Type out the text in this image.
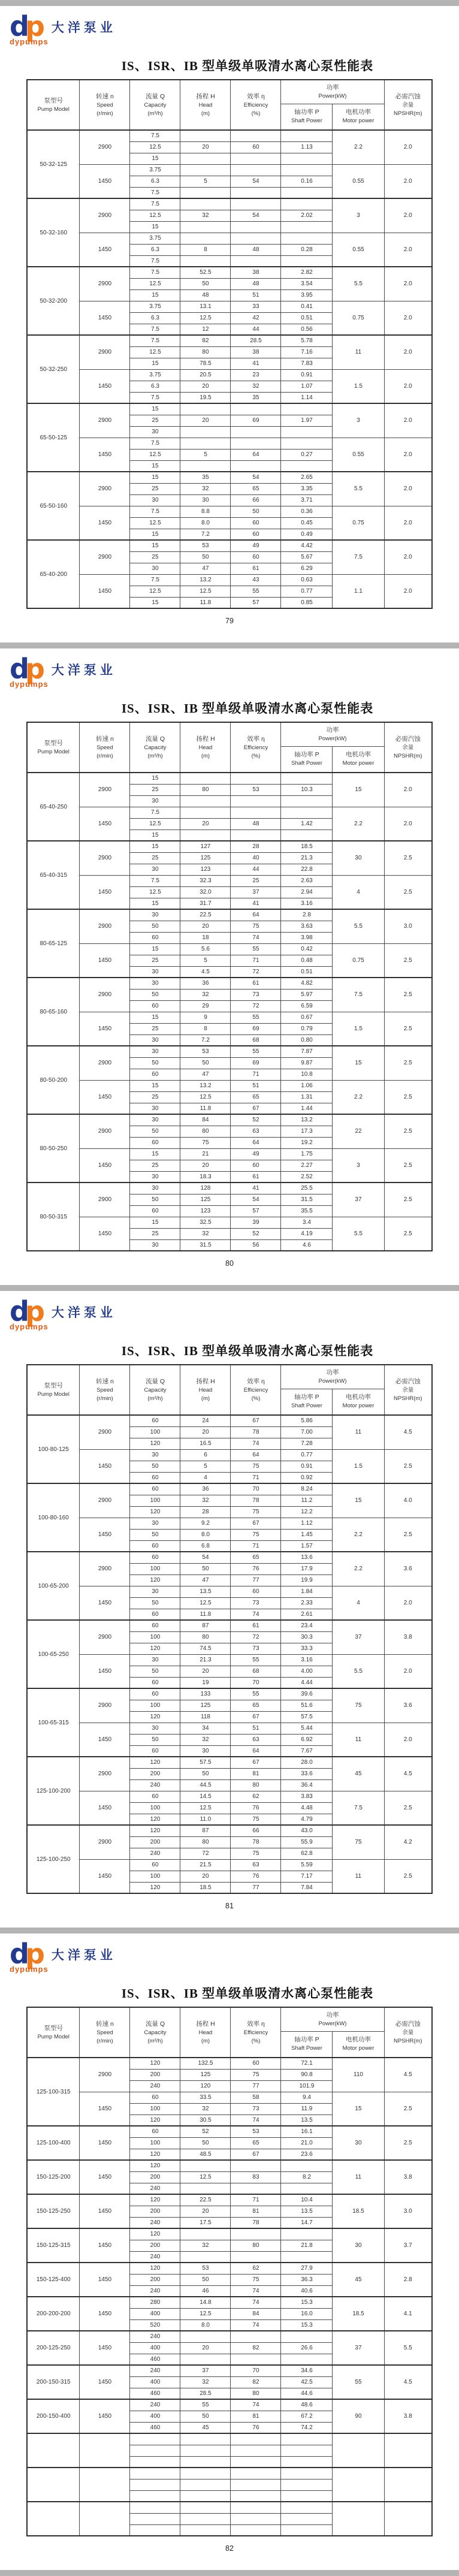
dp 大洋泵业
dypumps
IS、ISR、IB 型单级单吸清水离心泵性能表
泵型号
Pump Model	转速 n
Speed
(r/min)	流量 Q
Capacity
(m³/h)	扬程 H
Head
(m)	效率 η
Efficiency
(%)	功率
Power(kW)		必需汽蚀
余量
NPSHR(m)

					轴功率 P
Shaft Power	电机功率
Motor power	

50-32-125	2900	7.5				2.2	2.0
		12.5	20	60	1.13		
		15					
	1450	3.75				0.55	2.0
		6.3	5	54	0.16		
		7.5					
50-32-160	2900	7.5				3	2.0
		12.5	32	54	2.02		
		15					
	1450	3.75				0.55	2.0
		6.3	8	48	0.28		
		7.5					
50-32-200	2900	7.5	52.5	38	2.82	5.5	2.0
		12.5	50	48	3.54		
		15	48	51	3.95		
	1450	3.75	13.1	33	0.41	0.75	2.0
		6.3	12.5	42	0.51		
		7.5	12	44	0.56		
50-32-250	2900	7.5	82	28.5	5.78	11	2.0
		12.5	80	38	7.16		
		15	78.5	41	7.83		
	1450	3.75	20.5	23	0.91	1.5	2.0
		6.3	20	32	1.07		
		7.5	19.5	35	1.14		
65-50-125	2900	15				3	2.0
		25	20	69	1.97		
		30					
	1450	7.5				0.55	2.0
		12.5	5	64	0.27		
		15					
65-50-160	2900	15	35	54	2.65	5.5	2.0
		25	32	65	3.35		
		30	30	66	3.71		
	1450	7.5	8.8	50	0.36	0.75	2.0
		12.5	8.0	60	0.45		
		15	7.2	60	0.49		
65-40-200	2900	15	53	49	4.42	7.5	2.0
		25	50	60	5.67		
		30	47	61	6.29		
	1450	7.5	13.2	43	0.63	1.1	2.0
		12.5	12.5	55	0.77		
		15	11.8	57	0.85		
79
dp 大洋泵业
dypumps
IS、ISR、IB 型单级单吸清水离心泵性能表
泵型号
Pump Model	转速 n
Speed
(r/min)	流量 Q
Capacity
(m³/h)	扬程 H
Head
(m)	效率 η
Efficiency
(%)	功率
Power(kW)		必需汽蚀
余量
NPSHR(m)

					轴功率 P
Shaft Power	电机功率
Motor power	

65-40-250	2900	15				15	2.0
		25	80	53	10.3		
		30					
	1450	7.5				2.2	2.0
		12.5	20	48	1.42		
		15					
65-40-315	2900	15	127	28	18.5	30	2.5
		25	125	40	21.3		
		30	123	44	22.8		
	1450	7.5	32.3	25	2.63	4	2.5
		12.5	32.0	37	2.94		
		15	31.7	41	3.16		
80-65-125	2900	30	22.5	64	2.8	5.5	3.0
		50	20	75	3.63		
		60	18	74	3.98		
	1450	15	5.6	55	0.42	0.75	2.5
		25	5	71	0.48		
		30	4.5	72	0.51		
80-65-160	2900	30	36	61	4.82	7.5	2.5
		50	32	73	5.97		
		60	29	72	6.59		
	1450	15	9	55	0.67	1.5	2.5
		25	8	69	0.79		
		30	7.2	68	0.80		
80-50-200	2900	30	53	55	7.87	15	2.5
		50	50	69	9.87		
		60	47	71	10.8		
	1450	15	13.2	51	1.06	2.2	2.5
		25	12.5	65	1.31		
		30	11.8	67	1.44		
80-50-250	2900	30	84	52	13.2	22	2.5
		50	80	63	17.3		
		60	75	64	19.2		
	1450	15	21	49	1.75	3	2.5
		25	20	60	2.27		
		30	18.3	61	2.52		
80-50-315	2900	30	128	41	25.5	37	2.5
		50	125	54	31.5		
		60	123	57	35.5		
	1450	15	32.5	39	3.4	5.5	2.5
		25	32	52	4.19		
		30	31.5	56	4.6		
80
dp 大洋泵业
dypumps
IS、ISR、IB 型单级单吸清水离心泵性能表
泵型号
Pump Model	转速 n
Speed
(r/min)	流量 Q
Capacity
(m³/h)	扬程 H
Head
(m)	效率 η
Efficiency
(%)	功率
Power(kW)		必需汽蚀
余量
NPSHR(m)

					轴功率 P
Shaft Power	电机功率
Motor power	

100-80-125	2900	60	24	67	5.86	11	4.5
		100	20	78	7.00		
		120	16.5	74	7.28		
	1450	30	6	64	0.77	1.5	2.5
		50	5	75	0.91		
		60	4	71	0.92		
100-80-160	2900	60	36	70	8.24	15	4.0
		100	32	78	11.2		
		120	28	75	12.2		
	1450	30	9.2	67	1.12	2.2	2.5
		50	8.0	75	1.45		
		60	6.8	71	1.57		
100-65-200	2900	60	54	65	13.6	2.2	3.6
		100	50	76	17.9		
		120	47	77	19.9		
	1450	30	13.5	60	1.84	4	2.0
		50	12.5	73	2.33		
		60	11.8	74	2.61		
100-65-250	2900	60	87	61	23.4	37	3.8
		100	80	72	30.3		
		120	74.5	73	33.3		
	1450	30	21.3	55	3.16	5.5	2.0
		50	20	68	4.00		
		60	19	70	4.44		
100-65-315	2900	60	133	55	39.6	75	3.6
		100	125	65	51.6		
		120	118	67	57.5		
	1450	30	34	51	5.44	11	2.0
		50	32	63	6.92		
		60	30	64	7.67		
125-100-200	2900	120	57.5	67	28.0	45	4.5
		200	50	81	33.6		
		240	44.5	80	36.4		
	1450	60	14.5	62	3.83	7.5	2.5
		100	12.5	76	4.48		
		120	11.0	75	4.79		
125-100-250	2900	120	87	66	43.0	75	4.2
		200	80	78	55.9		
		240	72	75	62.8		
	1450	60	21.5	63	5.59	11	2.5
		100	20	76	7.17		
		120	18.5	77	7.84		
81
dp 大洋泵业
dypumps
IS、ISR、IB 型单级单吸清水离心泵性能表
泵型号
Pump Model	转速 n
Speed
(r/min)	流量 Q
Capacity
(m³/h)	扬程 H
Head
(m)	效率 η
Efficiency
(%)	功率
Power(kW)		必需汽蚀
余量
NPSHR(m)

					轴功率 P
Shaft Power	电机功率
Motor power	

125-100-315	2900	120	132.5	60	72.1	110	4.5
		200	125	75	90.8		
		240	120	77	101.9		
	1450	60	33.5	58	9.4	15	2.5
		100	32	73	11.9		
		120	30.5	74	13.5		
125-100-400	1450	60	52	53	16.1	30	2.5
		100	50	65	21.0		
		120	48.5	67	23.6		
150-125-200	1450	120				11	3.8
		200	12.5	83	8.2		
		240					
150-125-250	1450	120	22.5	71	10.4	18.5	3.0
		200	20	81	13.5		
		240	17.5	78	14.7		
150-125-315	1450	120				30	3.7
		200	32	80	21.8		
		240					
150-125-400	1450	120	53	62	27.9	45	2.8
		200	50	75	36.3		
		240	46	74	40.6		
200-200-200	1450	280	14.8	74	15.3	18.5	4.1
		400	12.5	84	16.0		
		520	8.0	74	15.3		
200-125-250	1450	240				37	5.5
		400	20	82	26.6		
		460					
200-150-315	1450	240	37	70	34.6	55	4.5
		400	32	82	42.5		
		460	28.5	80	44.6		
200-150-400	1450	240	55	74	48.6	90	3.8
		400	50	81	67.2		
		460	45	76	74.2		

82
